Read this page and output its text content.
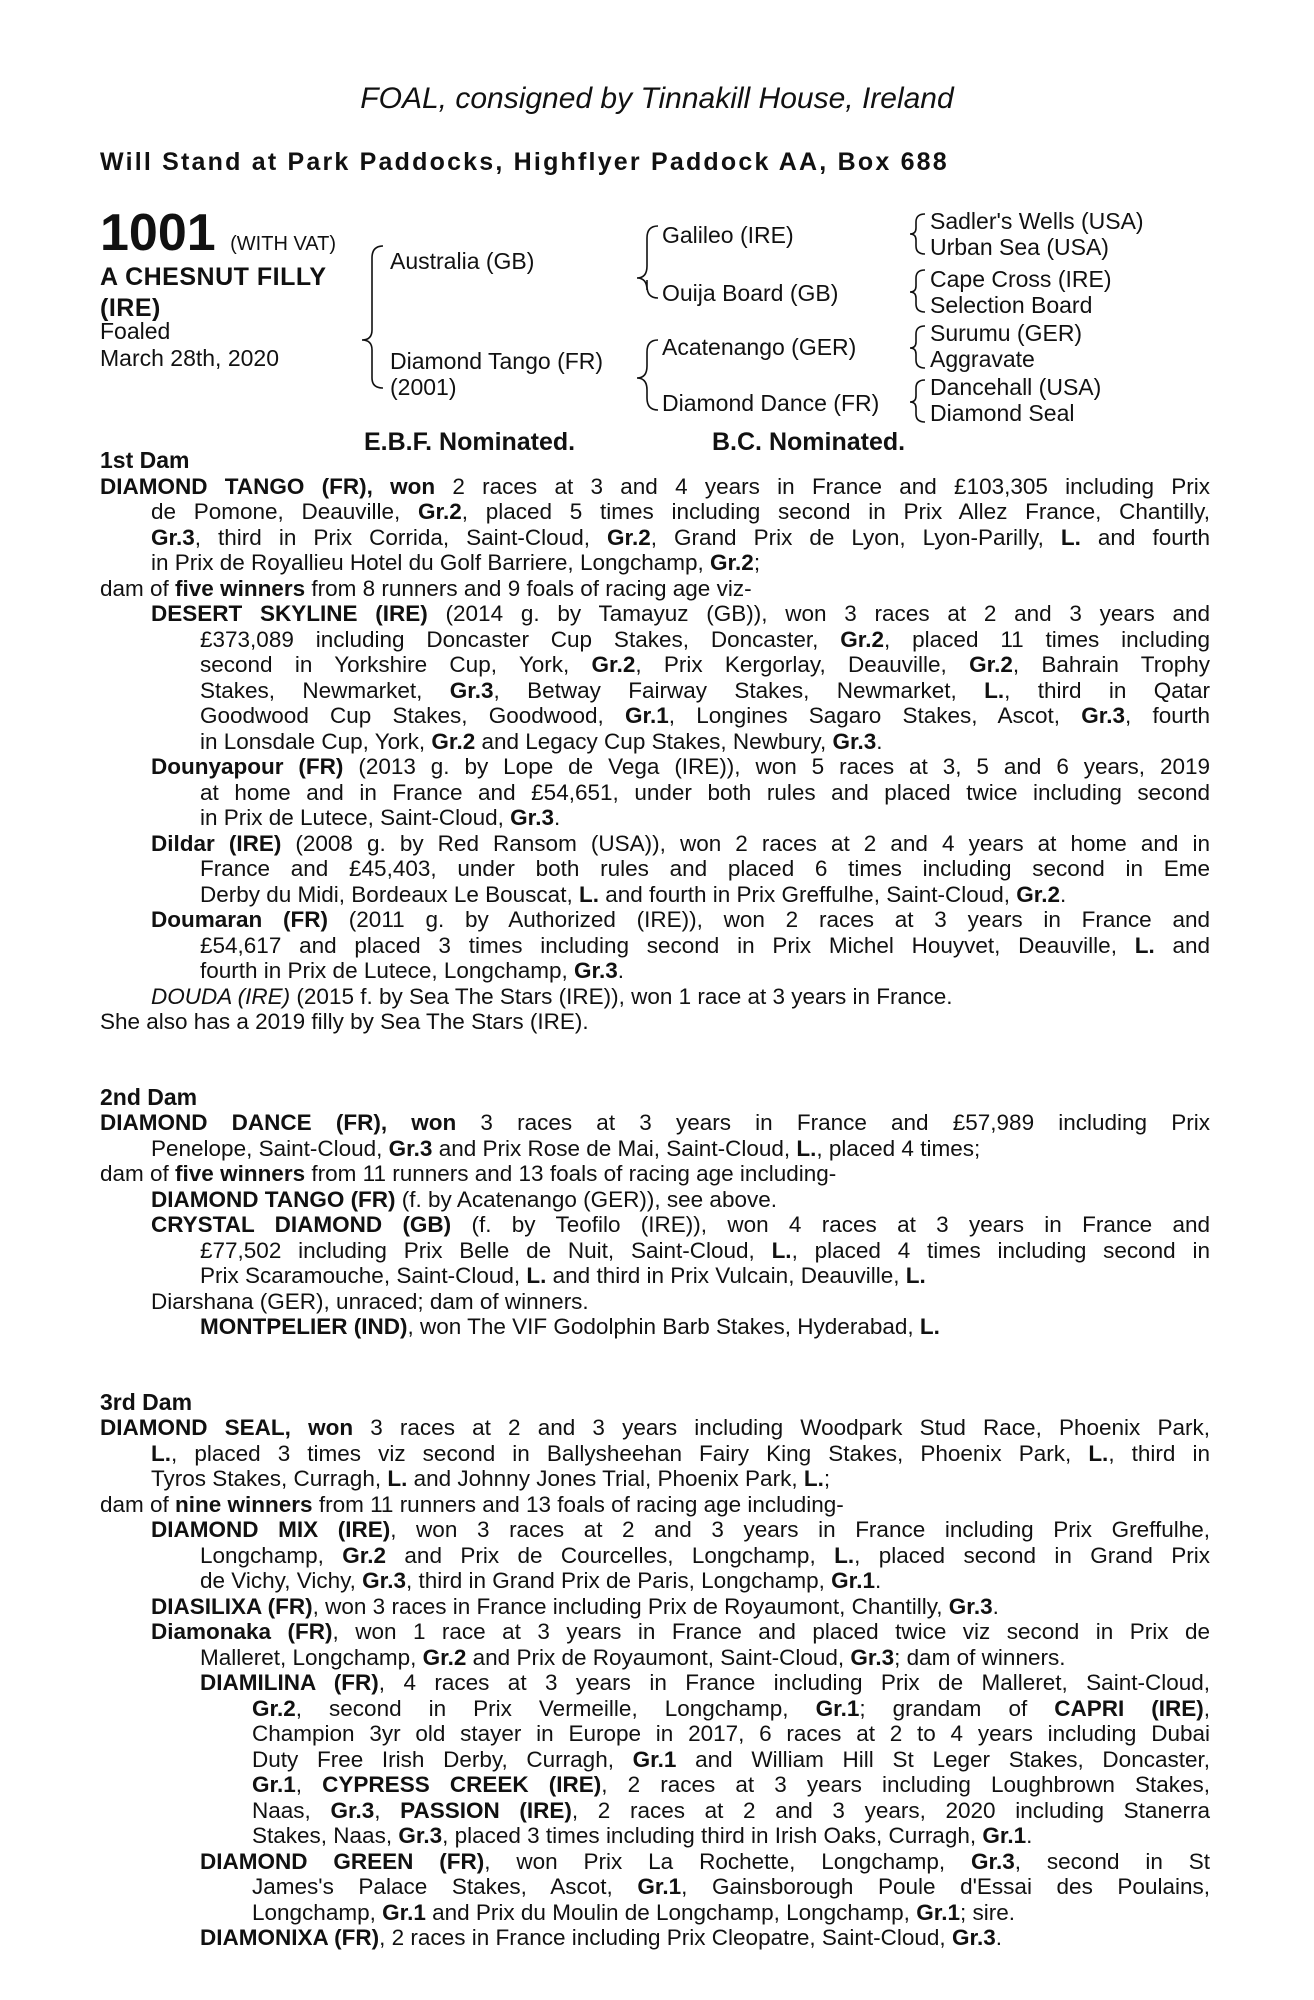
FOAL, consigned by Tinnakill House, Ireland
Will Stand at Park Paddocks, Highflyer Paddock AA, Box 688
1001 (WITH VAT)
A CHESNUT FILLY
(IRE)
Foaled
March 28th, 2020
Australia (GB)
Diamond Tango (FR)
(2001)
Galileo (IRE)
Ouija Board (GB)
Acatenango (GER)
Diamond Dance (FR)
Sadler's Wells (USA)
Urban Sea (USA)
Cape Cross (IRE)
Selection Board
Surumu (GER)
Aggravate
Dancehall (USA)
Diamond Seal
E.B.F. Nominated.	B.C. Nominated.
1st Dam
DIAMOND TANGO (FR), won 2 races at 3 and 4 years in France and £103,305 including Prix
de Pomone, Deauville, Gr.2, placed 5 times including second in Prix Allez France, Chantilly,
Gr.3, third in Prix Corrida, Saint-Cloud, Gr.2, Grand Prix de Lyon, Lyon-Parilly, L. and fourth
in Prix de Royallieu Hotel du Golf Barriere, Longchamp, Gr.2;
dam of five winners from 8 runners and 9 foals of racing age viz-
DESERT SKYLINE (IRE) (2014 g. by Tamayuz (GB)), won 3 races at 2 and 3 years and
£373,089 including Doncaster Cup Stakes, Doncaster, Gr.2, placed 11 times including
second in Yorkshire Cup, York, Gr.2, Prix Kergorlay, Deauville, Gr.2, Bahrain Trophy
Stakes, Newmarket, Gr.3, Betway Fairway Stakes, Newmarket, L., third in Qatar
Goodwood Cup Stakes, Goodwood, Gr.1, Longines Sagaro Stakes, Ascot, Gr.3, fourth
in Lonsdale Cup, York, Gr.2 and Legacy Cup Stakes, Newbury, Gr.3.
Dounyapour (FR) (2013 g. by Lope de Vega (IRE)), won 5 races at 3, 5 and 6 years, 2019
at home and in France and £54,651, under both rules and placed twice including second
in Prix de Lutece, Saint-Cloud, Gr.3.
Dildar (IRE) (2008 g. by Red Ransom (USA)), won 2 races at 2 and 4 years at home and in
France and £45,403, under both rules and placed 6 times including second in Eme
Derby du Midi, Bordeaux Le Bouscat, L. and fourth in Prix Greffulhe, Saint-Cloud, Gr.2.
Doumaran (FR) (2011 g. by Authorized (IRE)), won 2 races at 3 years in France and
£54,617 and placed 3 times including second in Prix Michel Houyvet, Deauville, L. and
fourth in Prix de Lutece, Longchamp, Gr.3.
DOUDA (IRE) (2015 f. by Sea The Stars (IRE)), won 1 race at 3 years in France.
She also has a 2019 filly by Sea The Stars (IRE).
2nd Dam
DIAMOND DANCE (FR), won 3 races at 3 years in France and £57,989 including Prix
Penelope, Saint-Cloud, Gr.3 and Prix Rose de Mai, Saint-Cloud, L., placed 4 times;
dam of five winners from 11 runners and 13 foals of racing age including-
DIAMOND TANGO (FR) (f. by Acatenango (GER)), see above.
CRYSTAL DIAMOND (GB) (f. by Teofilo (IRE)), won 4 races at 3 years in France and
£77,502 including Prix Belle de Nuit, Saint-Cloud, L., placed 4 times including second in
Prix Scaramouche, Saint-Cloud, L. and third in Prix Vulcain, Deauville, L.
Diarshana (GER), unraced; dam of winners.
MONTPELIER (IND), won The VIF Godolphin Barb Stakes, Hyderabad, L.
3rd Dam
DIAMOND SEAL, won 3 races at 2 and 3 years including Woodpark Stud Race, Phoenix Park,
L., placed 3 times viz second in Ballysheehan Fairy King Stakes, Phoenix Park, L., third in
Tyros Stakes, Curragh, L. and Johnny Jones Trial, Phoenix Park, L.;
dam of nine winners from 11 runners and 13 foals of racing age including-
DIAMOND MIX (IRE), won 3 races at 2 and 3 years in France including Prix Greffulhe,
Longchamp, Gr.2 and Prix de Courcelles, Longchamp, L., placed second in Grand Prix
de Vichy, Vichy, Gr.3, third in Grand Prix de Paris, Longchamp, Gr.1.
DIASILIXA (FR), won 3 races in France including Prix de Royaumont, Chantilly, Gr.3.
Diamonaka (FR), won 1 race at 3 years in France and placed twice viz second in Prix de
Malleret, Longchamp, Gr.2 and Prix de Royaumont, Saint-Cloud, Gr.3; dam of winners.
DIAMILINA (FR), 4 races at 3 years in France including Prix de Malleret, Saint-Cloud,
Gr.2, second in Prix Vermeille, Longchamp, Gr.1; grandam of CAPRI (IRE),
Champion 3yr old stayer in Europe in 2017, 6 races at 2 to 4 years including Dubai
Duty Free Irish Derby, Curragh, Gr.1 and William Hill St Leger Stakes, Doncaster,
Gr.1, CYPRESS CREEK (IRE), 2 races at 3 years including Loughbrown Stakes,
Naas, Gr.3, PASSION (IRE), 2 races at 2 and 3 years, 2020 including Stanerra
Stakes, Naas, Gr.3, placed 3 times including third in Irish Oaks, Curragh, Gr.1.
DIAMOND GREEN (FR), won Prix La Rochette, Longchamp, Gr.3, second in St
James's Palace Stakes, Ascot, Gr.1, Gainsborough Poule d'Essai des Poulains,
Longchamp, Gr.1 and Prix du Moulin de Longchamp, Longchamp, Gr.1; sire.
DIAMONIXA (FR), 2 races in France including Prix Cleopatre, Saint-Cloud, Gr.3.
